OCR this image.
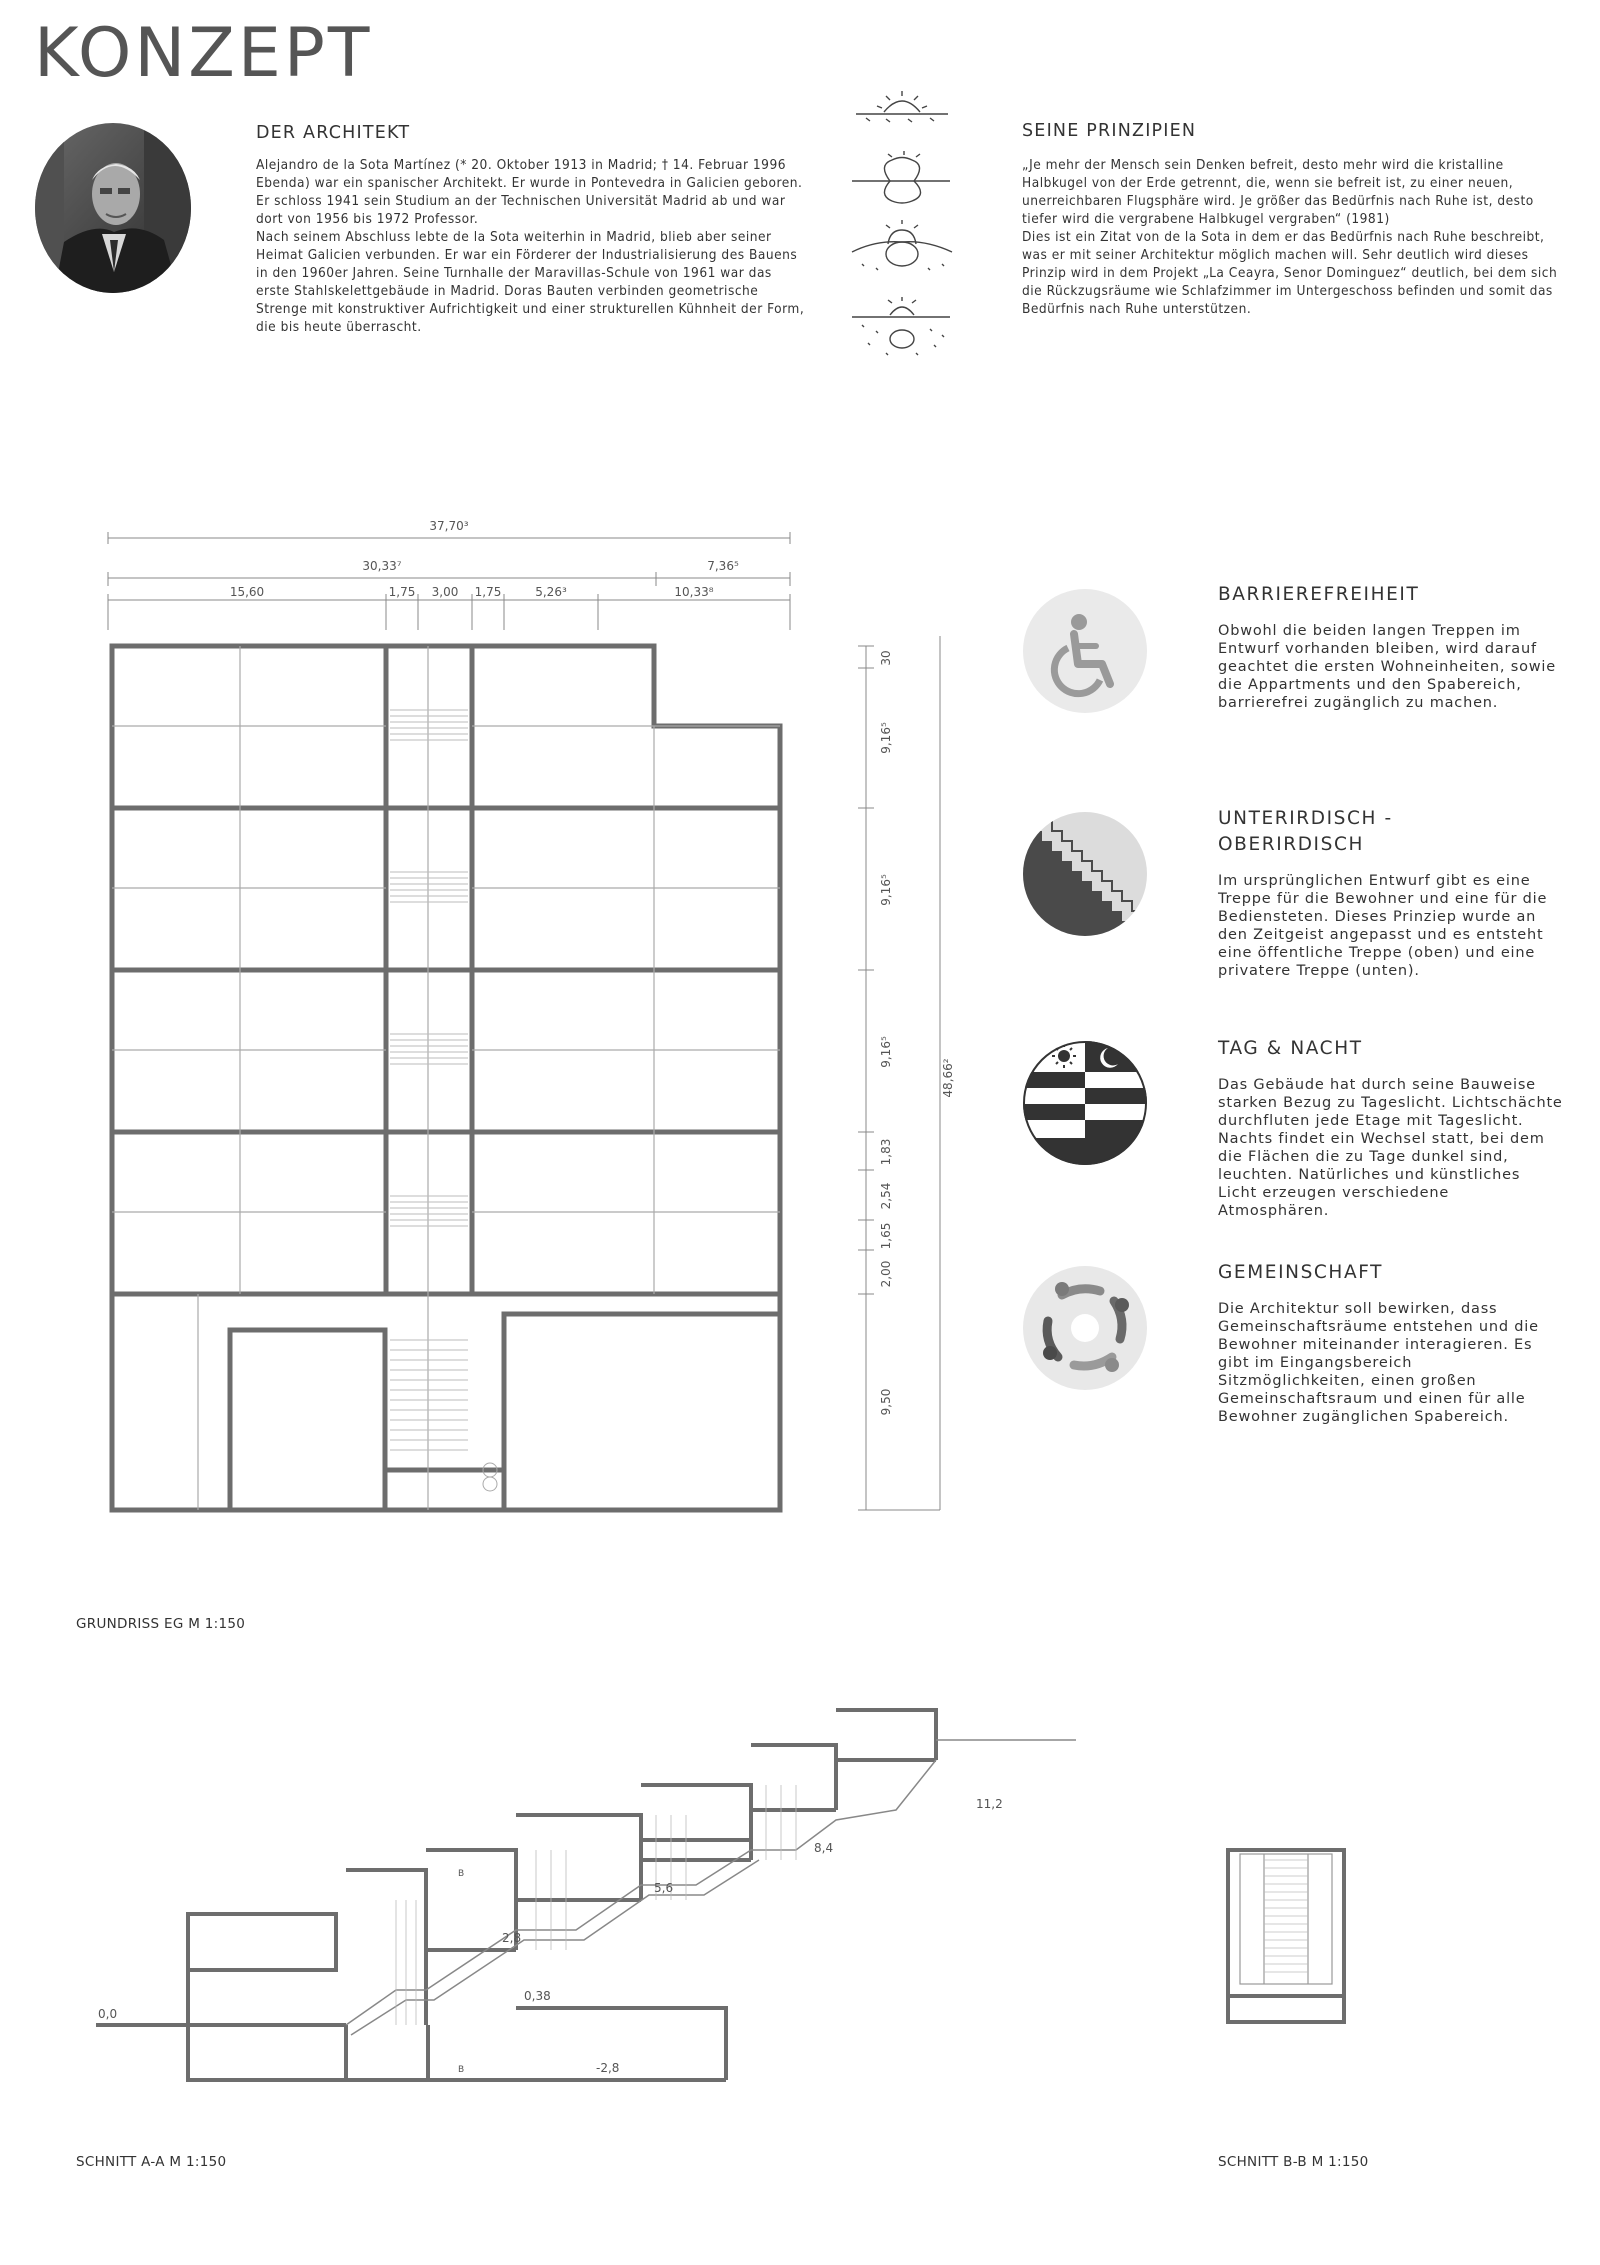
KONZEPT
DER ARCHITEKT

Alejandro de la Sota Martínez (* 20. Oktober 1913 in Madrid; † 14. Februar 1996 Ebenda) war ein spanischer Architekt. Er wurde in Pontevedra in Galicien geboren. Er schloss 1941 sein Studium an der Technischen Universität Madrid ab und war dort von 1956 bis 1972 Professor.

Nach seinem Abschluss lebte de la Sota weiterhin in Madrid, blieb aber seiner Heimat Galicien verbunden. Er war ein Förderer der Industrialisierung des Bauens in den 1960er Jahren. Seine Turnhalle der Maravillas-Schule von 1961 war das erste Stahlskelettgebäude in Madrid. Doras Bauten verbinden geometrische Strenge mit konstruktiver Aufrichtigkeit und einer strukturellen Kühnheit der Form, die bis heute überrascht.

SEINE PRINZIPIEN

„Je mehr der Mensch sein Denken befreit, desto mehr wird die kristalline Halbkugel von der Erde getrennt, die, wenn sie befreit ist, zu einer neuen, unerreichbaren Flugsphäre wird. Je größer das Bedürfnis nach Ruhe ist, desto tiefer wird die vergrabene Halbkugel vergraben“ (1981)

Dies ist ein Zitat von de la Sota in dem er das Bedürfnis nach Ruhe beschreibt, was er mit seiner Architektur möglich machen will. Sehr deutlich wird dieses Prinzip wird in dem Projekt „La Ceayra, Senor Dominguez“ deutlich, bei dem sich die Rückzugsräume wie Schlafzimmer im Untergeschoss befinden und somit das Bedürfnis nach Ruhe unterstützen.

BARRIEREFREIHEIT
Obwohl die beiden langen Treppen im Entwurf vorhanden bleiben, wird darauf geachtet die ersten Wohneinheiten, sowie die Appartments und den Spabereich, barrierefrei zugänglich zu machen.
UNTERIRDISCH - OBERIRDISCH
Im ursprünglichen Entwurf gibt es eine Treppe für die Bewohner und eine für die Bediensteten. Dieses Prinziep wurde an den Zeitgeist angepasst und es entsteht eine öffentliche Treppe (oben) und eine privatere Treppe (unten).
TAG & NACHT
Das Gebäude hat durch seine Bauweise starken Bezug zu Tageslicht. Lichtschächte durchfluten jede Etage mit Tageslicht. Nachts findet ein Wechsel statt, bei dem die Flächen die zu Tage dunkel sind, leuchten. Natürliches und künstliches Licht erzeugen verschiedene Atmosphären.
GEMEINSCHAFT
Die Architektur soll bewirken, dass Gemeinschaftsräume entstehen und die Bewohner miteinander interagieren. Es gibt im Eingangsbereich Sitzmöglichkeiten, einen großen Gemeinschaftsraum und einen für alle Bewohner zugänglichen Spabereich.
37,70³
30,33⁷	7,36⁵
15,60	1,75 3,00 1,75	5,26³	10,33⁸
30
9,16⁵
9,16⁵
9,16⁵
1,83
2,54
1,65
2,00
9,50
48,66²
GRUNDRISS EG M 1:150
0,0
0,38
2,8
-2,8
5,6
8,4
11,2
B
B
SCHNITT A-A M 1:150	SCHNITT B-B M 1:150
